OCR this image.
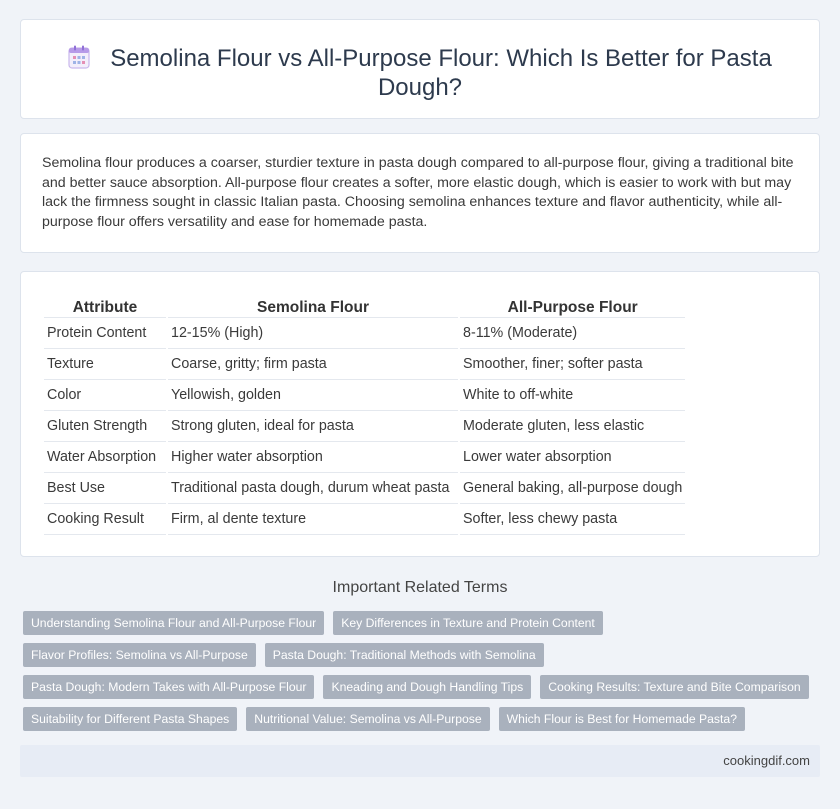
Semolina Flour vs All-Purpose Flour: Which Is Better for Pasta Dough?

Semolina flour produces a coarser, sturdier texture in pasta dough compared to all-purpose flour, giving a traditional bite and better sauce absorption. All-purpose flour creates a softer, more elastic dough, which is easier to work with but may lack the firmness sought in classic Italian pasta. Choosing semolina enhances texture and flavor authenticity, while all-purpose flour offers versatility and ease for homemade pasta.

Attribute	Semolina Flour	All-Purpose Flour
Protein Content	12-15% (High)	8-11% (Moderate)
Texture	Coarse, gritty; firm pasta	Smoother, finer; softer pasta
Color	Yellowish, golden	White to off-white
Gluten Strength	Strong gluten, ideal for pasta	Moderate gluten, less elastic
Water Absorption	Higher water absorption	Lower water absorption
Best Use	Traditional pasta dough, durum wheat pasta	General baking, all-purpose dough
Cooking Result	Firm, al dente texture	Softer, less chewy pasta
Important Related Terms
Understanding Semolina Flour and All-Purpose Flour	Key Differences in Texture and Protein Content
Flavor Profiles: Semolina vs All-Purpose	Pasta Dough: Traditional Methods with Semolina
Pasta Dough: Modern Takes with All-Purpose Flour	Kneading and Dough Handling Tips	Cooking Results: Texture and Bite Comparison
Suitability for Different Pasta Shapes	Nutritional Value: Semolina vs All-Purpose	Which Flour is Best for Homemade Pasta?
cookingdif.com
